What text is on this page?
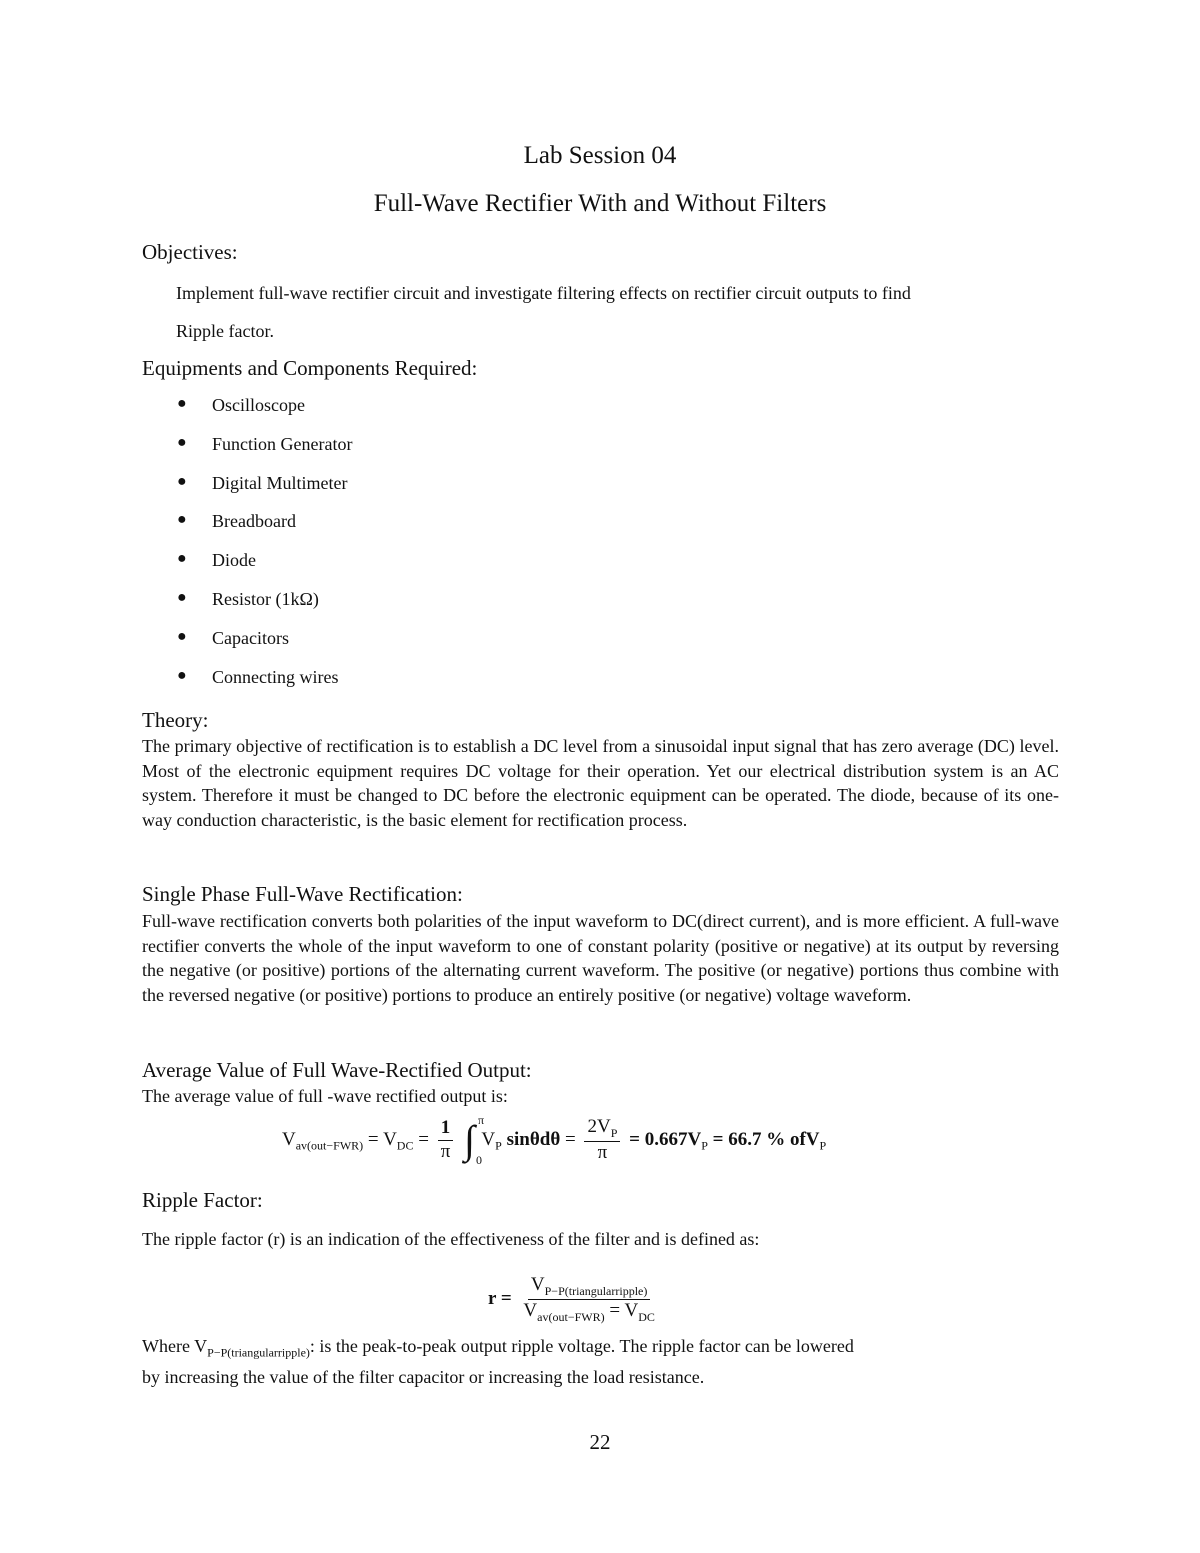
Lab Session 04
Full-Wave Rectifier With and Without Filters
Objectives:
Implement full-wave rectifier circuit and investigate filtering effects on rectifier circuit outputs to find
Ripple factor.
Equipments and Components Required:
●	Oscilloscope
●	Function Generator
●	Digital Multimeter
●	Breadboard
●	Diode
●	Resistor (1kΩ)
●	Capacitors
●	Connecting wires
Theory:
The primary objective of rectification is to establish a DC level from a sinusoidal input signal that has zero average (DC) level. Most of the electronic equipment requires DC voltage for their operation. Yet our electrical distribution system is an AC system. Therefore it must be changed to DC before the electronic equipment can be operated. The diode, because of its one-way conduction characteristic, is the basic element for rectification process.
Single Phase Full-Wave Rectification:
Full-wave rectification converts both polarities of the input waveform to DC(direct current), and is more efficient. A full-wave rectifier converts the whole of the input waveform to one of constant polarity (positive or negative) at its output by reversing the negative (or positive) portions of the alternating current waveform. The positive (or negative) portions thus combine with the reversed negative (or positive) portions to produce an entirely positive (or negative) voltage waveform.
Average Value of Full Wave-Rectified Output:
The average value of full -wave rectified output is:
$V_{av(out-FWR)} = V_{DC} = \frac{1}{\pi}$ ∫ π
0
$V_P$ $\sin\theta d\theta = \frac{2V_P}{\pi} = 0.667V_P = 66.7$ % ofV$_P$
Ripple Factor:
The ripple factor (r) is an indication of the effectiveness of the filter and is defined as:
$r = \frac{V_{P-P(triangularripple)}}{V_{av(out-FWR)} = V_{DC}}$
Where $V_{P-P(triangularripple)}$: is the peak-to-peak output ripple voltage. The ripple factor can be lowered
by increasing the value of the filter capacitor or increasing the load resistance.
22
